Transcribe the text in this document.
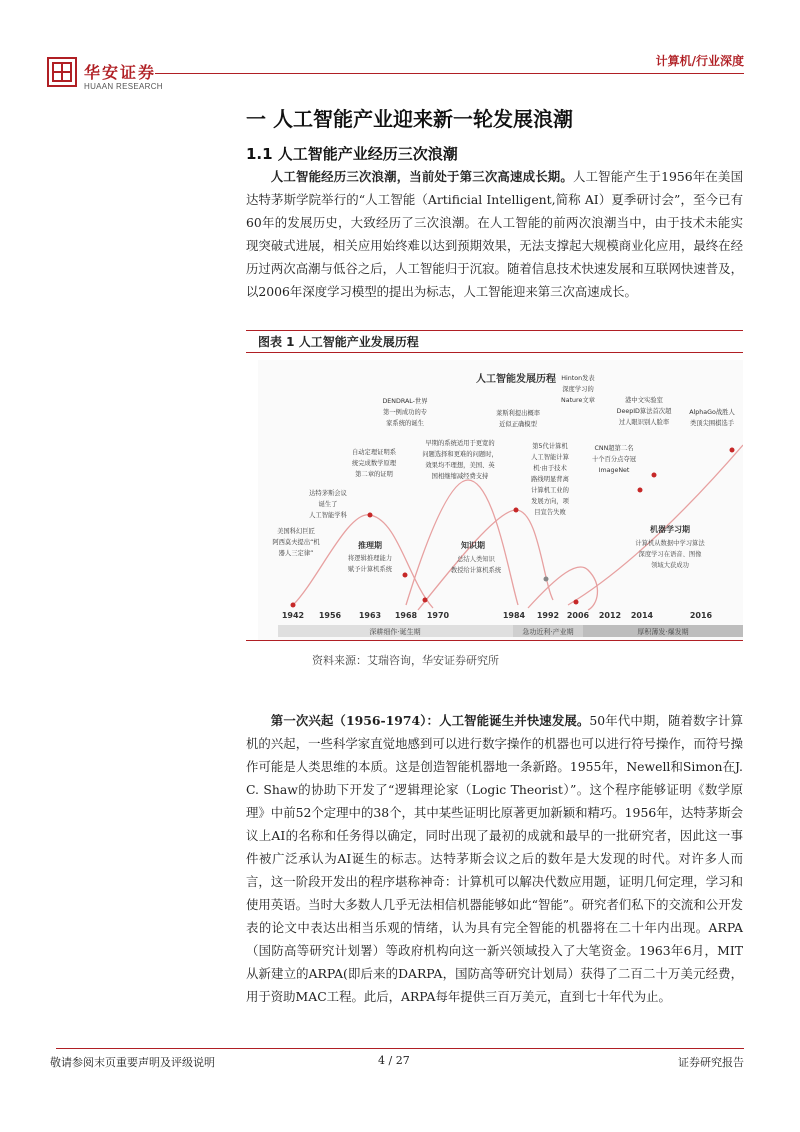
华安证券
HUAAN RESEARCH
计算机/行业深度
一 人工智能产业迎来新一轮发展浪潮
1.1 人工智能产业经历三次浪潮
人工智能经历三次浪潮，当前处于第三次高速成长期。人工智能产生于1956年在美国达特茅斯学院举行的“人工智能（Artificial Intelligent,简称 AI）夏季研讨会”，至今已有60年的发展历史，大致经历了三次浪潮。在人工智能的前两次浪潮当中，由于技术未能实现突破式进展，相关应用始终难以达到预期效果，无法支撑起大规模商业化应用，最终在经历过两次高潮与低谷之后，人工智能归于沉寂。随着信息技术快速发展和互联网快速普及，以2006年深度学习模型的提出为标志，人工智能迎来第三次高速成长。
图表 1 人工智能产业发展历程
人工智能发展历程
1942 1956 1963 1968 1970	1984 1992 2006 2012 2014	2016
深耕细作·诞生期	急功近利·产业期	厚积薄发·爆发期
推理期	知识期
机器学习期
将逻辑推理能力
赋予计算机系统
总结人类知识
教授给计算机系统
计算机从数据中学习算法
深度学习在语音、图像
领域大获成功
美国科幻巨匠
阿西莫夫提出“机
器人三定律”
达特茅斯会议
诞生了
人工智能学科
自动定理证明系
统完成数学原理
第二章的证明
DENDRAL-世界
第一例成功的专
家系统的诞生
早期的系统适用于更宽的
问题选择和更难的问题时，
效果均不理想，美国、英
国相继缩减经费支持
莱斯利提出概率
近似正确模型
第5代计算机
人工智能计算
机·由于技术
路线明显背离
计算机工业的
发展方向，项
目宣告失败
Hinton发表
深度学习的
Nature文章
CNN超第二名
十个百分点夺冠
ImageNet
港中文实验室
DeepID算法首次超
过人眼识别人脸率
AlphaGo战胜人
类顶尖围棋选手
资料来源：艾瑞咨询，华安证券研究所
第一次兴起（1956-1974）：人工智能诞生并快速发展。50年代中期，随着数字计算机的兴起，一些科学家直觉地感到可以进行数字操作的机器也可以进行符号操作，而符号操作可能是人类思维的本质。这是创造智能机器地一条新路。1955年，Newell和Simon在J. C. Shaw的协助下开发了“逻辑理论家（Logic Theorist）”。这个程序能够证明《数学原理》中前52个定理中的38个，其中某些证明比原著更加新颖和精巧。1956年，达特茅斯会议上AI的名称和任务得以确定，同时出现了最初的成就和最早的一批研究者，因此这一事件被广泛承认为AI诞生的标志。达特茅斯会议之后的数年是大发现的时代。对许多人而言，这一阶段开发出的程序堪称神奇：计算机可以解决代数应用题，证明几何定理，学习和使用英语。当时大多数人几乎无法相信机器能够如此“智能”。研究者们私下的交流和公开发表的论文中表达出相当乐观的情绪，认为具有完全智能的机器将在二十年内出现。ARPA（国防高等研究计划署）等政府机构向这一新兴领域投入了大笔资金。1963年6月，MIT从新建立的ARPA(即后来的DARPA，国防高等研究计划局）获得了二百二十万美元经费，用于资助MAC工程。此后，ARPA每年提供三百万美元，直到七十年代为止。
敬请参阅末页重要声明及评级说明	4 / 27	证券研究报告
